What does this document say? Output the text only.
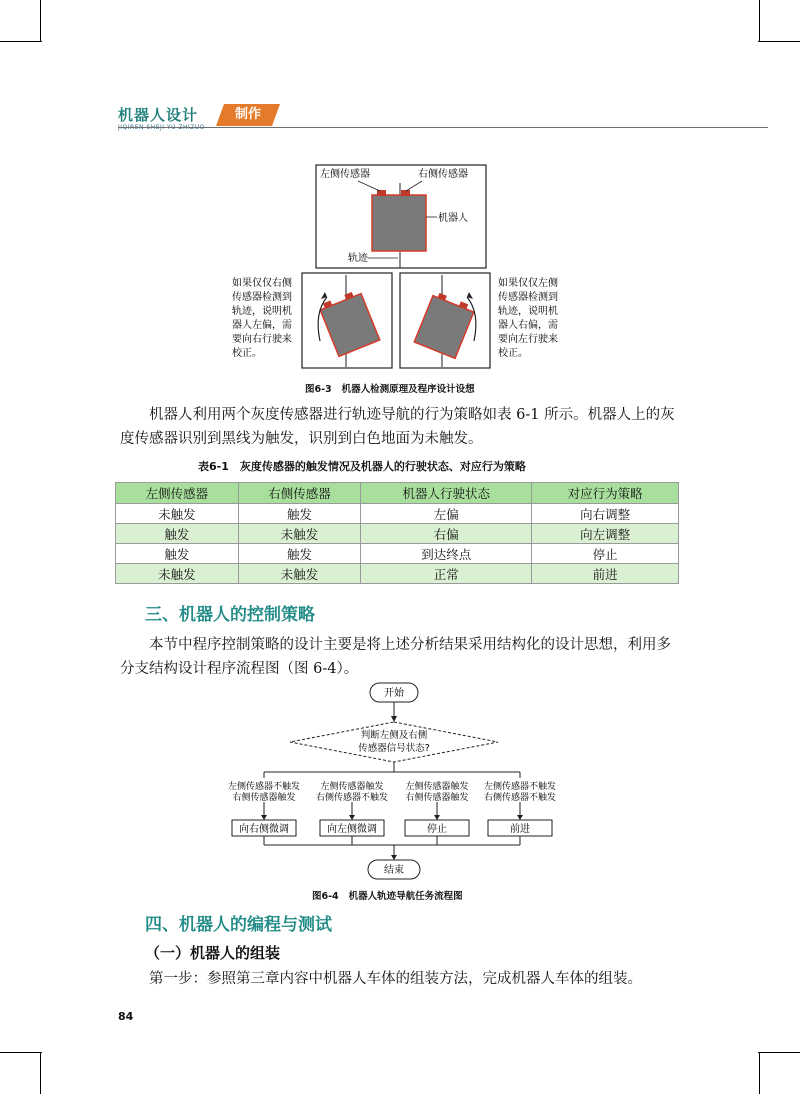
机器人设计	制作
左侧传感器	右侧传感器
机器人
轨迹
如果仅仅右侧
传感器检测到
轨迹，说明机
器人左偏，需
要向右行驶来
校正。
如果仅仅左侧
传感器检测到
轨迹，说明机
器人右偏，需
要向左行驶来
校正。
图6-3 机器人检测原理及程序设计设想

机器人利用两个灰度传感器进行轨迹导航的行为策略如表 6-1 所示。机器人上的灰度传感器识别到黑线为触发，识别到白色地面为未触发。

表6-1　灰度传感器的触发情况及机器人的行驶状态、对应行为策略
左侧传感器	右侧传感器	机器人行驶状态	对应行为策略
未触发	触发	左偏	向右调整
触发	未触发	右偏	向左调整
触发	触发	到达终点	停止
未触发	未触发	正常	前进
三、机器人的控制策略

本节中程序控制策略的设计主要是将上述分析结果采用结构化的设计思想，利用多分支结构设计程序流程图（图 6-4）。

开始
判断左侧及右侧
传感器信号状态?
左侧传感器不触发
右侧传感器触发
左侧传感器触发
右侧传感器不触发
左侧传感器触发
右侧传感器触发
左侧传感器不触发
右侧传感器不触发
向右侧微调	向左侧微调	停止	前进
结束
图6-4 机器人轨迹导航任务流程图
四、机器人的编程与测试
（一）机器人的组装

第一步：参照第三章内容中机器人车体的组装方法，完成机器人车体的组装。

84
